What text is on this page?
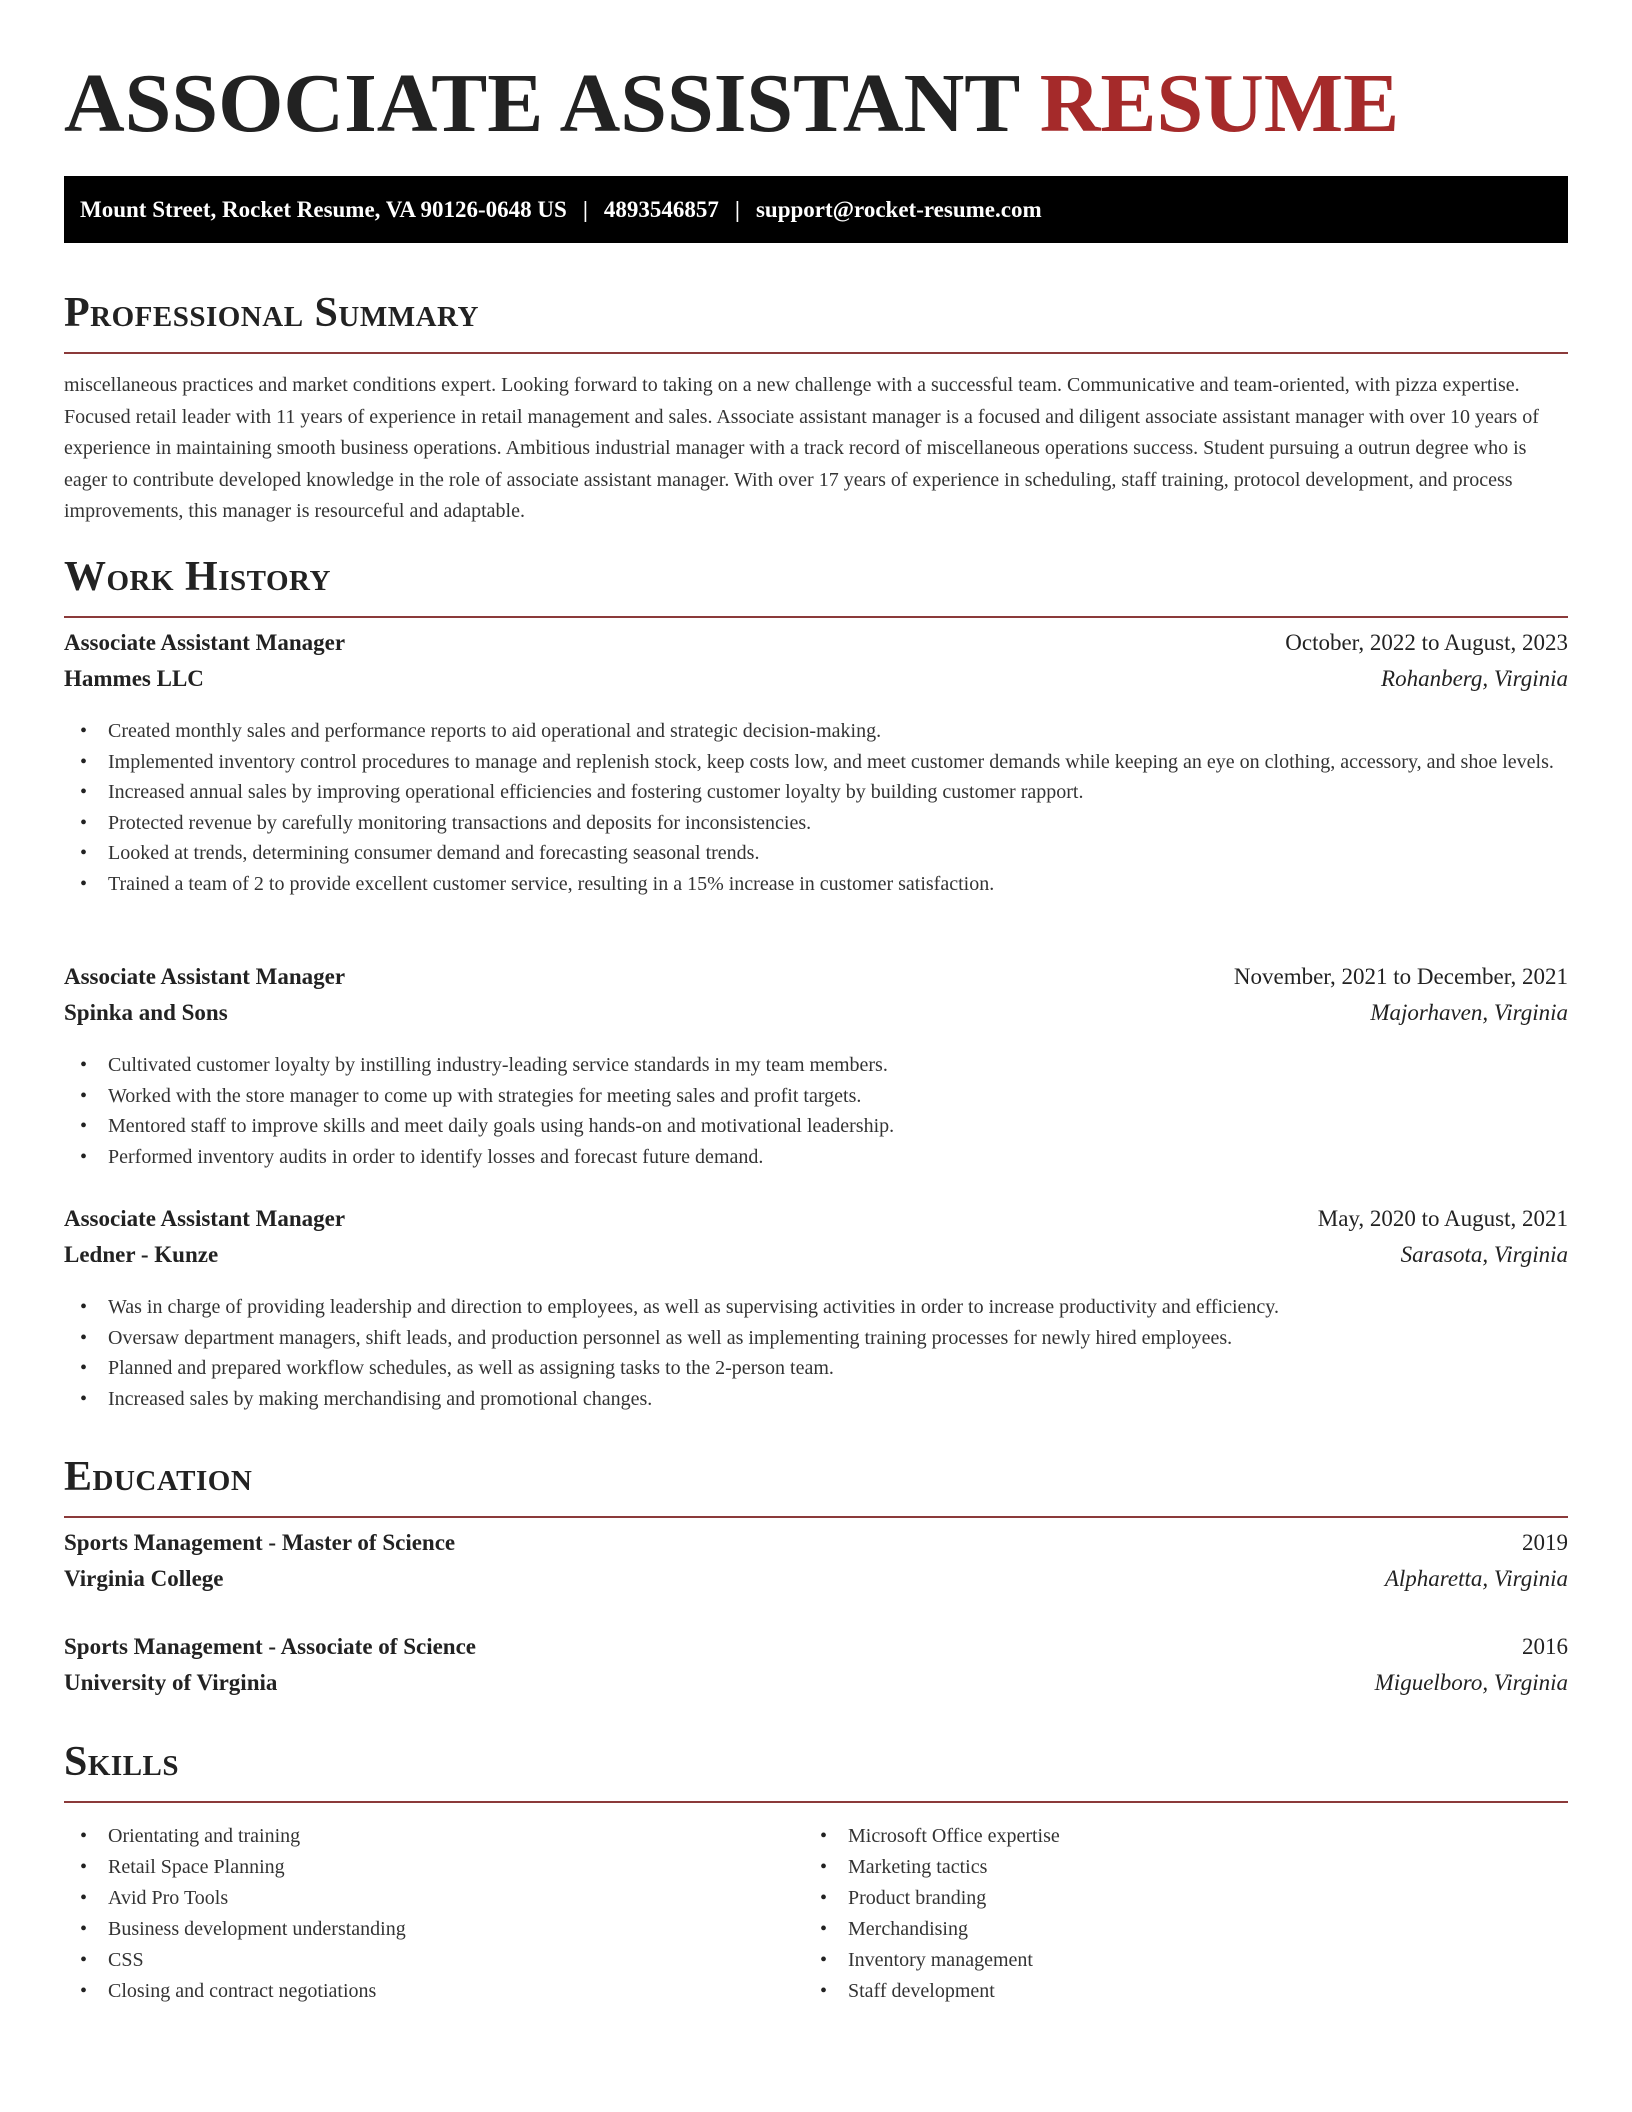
ASSOCIATE ASSISTANT RESUME
Mount Street, Rocket Resume, VA 90126-0648 US | 4893546857 | support@rocket-resume.com
Professional Summary

miscellaneous practices and market conditions expert. Looking forward to taking on a new challenge with a successful team. Communicative and team-oriented, with pizza expertise. Focused retail leader with 11 years of experience in retail management and sales. Associate assistant manager is a focused and diligent associate assistant manager with over 10 years of experience in maintaining smooth business operations. Ambitious industrial manager with a track record of miscellaneous operations success. Student pursuing a outrun degree who is eager to contribute developed knowledge in the role of associate assistant manager. With over 17 years of experience in scheduling, staff training, protocol development, and process improvements, this manager is resourceful and adaptable.

Work History
Associate Assistant Manager	October, 2022 to August, 2023
Hammes LLC	Rohanberg, Virginia
• Created monthly sales and performance reports to aid operational and strategic decision-making.
• Implemented inventory control procedures to manage and replenish stock, keep costs low, and meet customer demands while keeping an eye on clothing, accessory, and shoe levels.
• Increased annual sales by improving operational efficiencies and fostering customer loyalty by building customer rapport.
• Protected revenue by carefully monitoring transactions and deposits for inconsistencies.
• Looked at trends, determining consumer demand and forecasting seasonal trends.
• Trained a team of 2 to provide excellent customer service, resulting in a 15% increase in customer satisfaction.
Associate Assistant Manager	November, 2021 to December, 2021
Spinka and Sons	Majorhaven, Virginia
• Cultivated customer loyalty by instilling industry-leading service standards in my team members.
• Worked with the store manager to come up with strategies for meeting sales and profit targets.
• Mentored staff to improve skills and meet daily goals using hands-on and motivational leadership.
• Performed inventory audits in order to identify losses and forecast future demand.
Associate Assistant Manager	May, 2020 to August, 2021
Ledner - Kunze	Sarasota, Virginia
• Was in charge of providing leadership and direction to employees, as well as supervising activities in order to increase productivity and efficiency.
• Oversaw department managers, shift leads, and production personnel as well as implementing training processes for newly hired employees.
• Planned and prepared workflow schedules, as well as assigning tasks to the 2-person team.
• Increased sales by making merchandising and promotional changes.
Education
Sports Management - Master of Science	2019
Virginia College	Alpharetta, Virginia
Sports Management - Associate of Science	2016
University of Virginia	Miguelboro, Virginia
Skills
• Orientating and training
• Retail Space Planning
• Avid Pro Tools
• Business development understanding
• CSS
• Closing and contract negotiations
• Microsoft Office expertise
• Marketing tactics
• Product branding
• Merchandising
• Inventory management
• Staff development
